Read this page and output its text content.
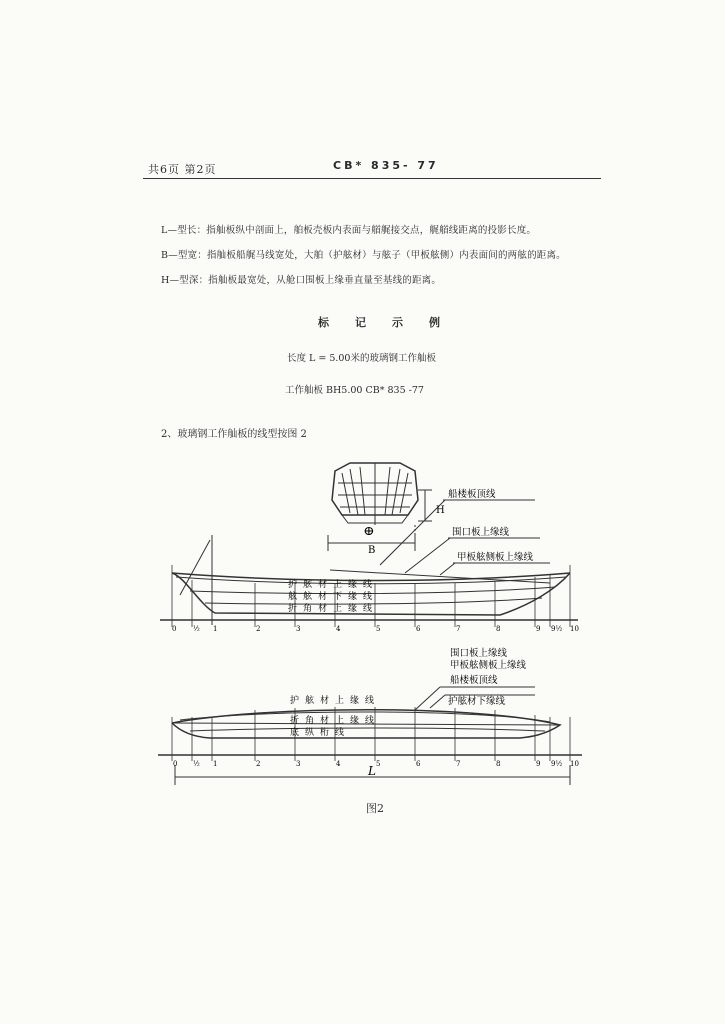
共6页 第2页	CB* 835- 77
L—型长：指舢板纵中剖面上，舶板壳板内表面与艏艉接交点，艉艏线距离的投影长度。
B—型宽：指舢板船艉马线宽处，大舶（护舷材）与舷子（甲板舷侧）内表面间的两舷的距离。
H—型深：指舢板最宽处，从舱口围板上缘垂直量至基线的距离。
标记示例
长度 L = 5.00米的玻璃钢工作舢板
工作舢板 BH5.00 CB* 835 -77
2、玻璃钢工作舢板的线型按图 2
H
ⴲ
B
船楼板顶线
围口板上缘线
甲板舷侧板上缘线
护舷材上缘线
舷舷材下缘线
折角材上缘线
0 ½ 1	2	3	4	5	6	7	8	9 9½ 10
围口板上缘线
甲板舷侧板上缘线
船楼板顶线
护舷材下缘线
护舷材上缘线
折角材上缘线
底纵桁线
0 ½ 1	2	3	4	5	6	7	8	9 9½ 10
L
图2
